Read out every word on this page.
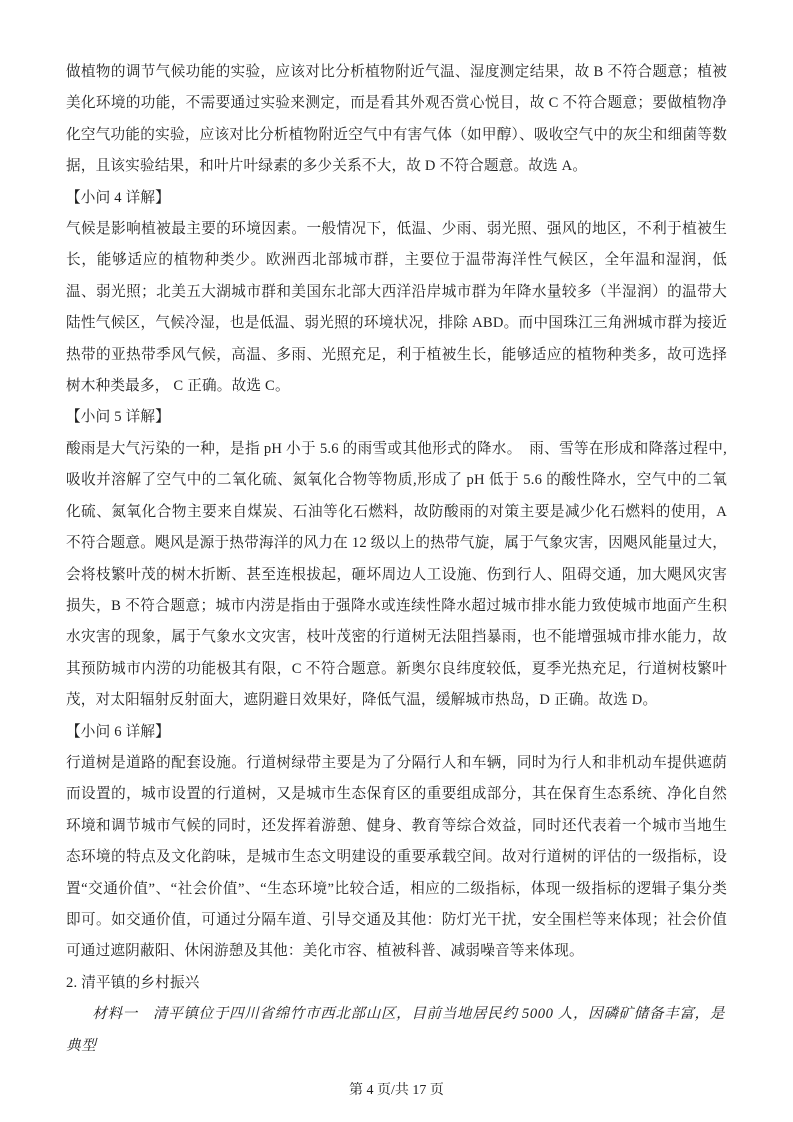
做植物的调节气候功能的实验，应该对比分析植物附近气温、湿度测定结果，故 B 不符合题意；植被美化环境的功能，不需要通过实验来测定，而是看其外观否赏心悦目，故 C 不符合题意；要做植物净化空气功能的实验，应该对比分析植物附近空气中有害气体（如甲醇）、吸收空气中的灰尘和细菌等数据，且该实验结果，和叶片叶绿素的多少关系不大，故 D 不符合题意。故选 A。

【小问 4 详解】

气候是影响植被最主要的环境因素。一般情况下，低温、少雨、弱光照、强风的地区，不利于植被生长，能够适应的植物种类少。欧洲西北部城市群，主要位于温带海洋性气候区，全年温和湿润，低温、弱光照；北美五大湖城市群和美国东北部大西洋沿岸城市群为年降水量较多（半湿润）的温带大陆性气候区，气候冷湿，也是低温、弱光照的环境状况，排除 ABD。而中国珠江三角洲城市群为接近热带的亚热带季风气候，高温、多雨、光照充足，利于植被生长，能够适应的植物种类多，故可选择树木种类最多， C 正确。故选 C。

【小问 5 详解】

酸雨是大气污染的一种，是指 pH 小于 5.6 的雨雪或其他形式的降水。　雨、雪等在形成和降落过程中,吸收并溶解了空气中的二氧化硫、氮氧化合物等物质,形成了 pH 低于 5.6 的酸性降水，空气中的二氧化硫、氮氧化合物主要来自煤炭、石油等化石燃料，故防酸雨的对策主要是减少化石燃料的使用，A 不符合题意。飓风是源于热带海洋的风力在 12 级以上的热带气旋，属于气象灾害，因飓风能量过大，会将枝繁叶茂的树木折断、甚至连根拔起，砸坏周边人工设施、伤到行人、阻碍交通，加大飓风灾害损失，B 不符合题意；城市内涝是指由于强降水或连续性降水超过城市排水能力致使城市地面产生积水灾害的现象，属于气象水文灾害，枝叶茂密的行道树无法阻挡暴雨，也不能增强城市排水能力，故其预防城市内涝的功能极其有限，C 不符合题意。新奥尔良纬度较低，夏季光热充足，行道树枝繁叶茂，对太阳辐射反射面大，遮阴避日效果好，降低气温，缓解城市热岛，D 正确。故选 D。

【小问 6 详解】

行道树是道路的配套设施。行道树绿带主要是为了分隔行人和车辆，同时为行人和非机动车提供遮荫而设置的，城市设置的行道树，又是城市生态保育区的重要组成部分，其在保育生态系统、净化自然环境和调节城市气候的同时，还发挥着游憩、健身、教育等综合效益，同时还代表着一个城市当地生态环境的特点及文化韵味，是城市生态文明建设的重要承载空间。故对行道树的评估的一级指标，设置“交通价值”、“社会价值”、“生态环境”比较合适，相应的二级指标，体现一级指标的逻辑子集分类即可。如交通价值，可通过分隔车道、引导交通及其他：防灯光干扰，安全围栏等来体现；社会价值可通过遮阴蔽阳、休闲游憩及其他：美化市容、植被科普、减弱噪音等来体现。

2. 清平镇的乡村振兴

材料一　清平镇位于四川省绵竹市西北部山区，目前当地居民约 5000 人，因磷矿储备丰富，是典型

第 4 页/共 17 页
